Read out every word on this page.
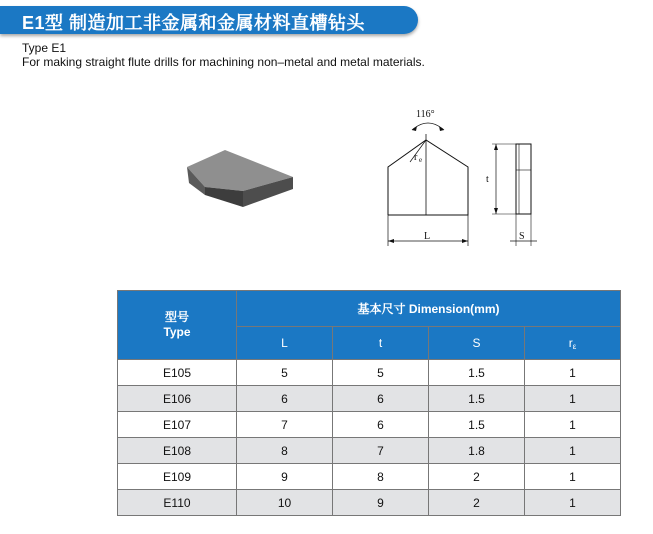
E1型 制造加工非金属和金属材料直槽钻头
Type E1
For making straight flute drills for machining non–metal and metal materials.
116°
r e
L
t
S
型号
Type	基本尺寸 Dimension(mm)			
	L	t	S	$r_\varepsilon$
E105	5	5	1.5	1
E106	6	6	1.5	1
E107	7	6	1.5	1
E108	8	7	1.8	1
E109	9	8	2	1
E110	10	9	2	1
